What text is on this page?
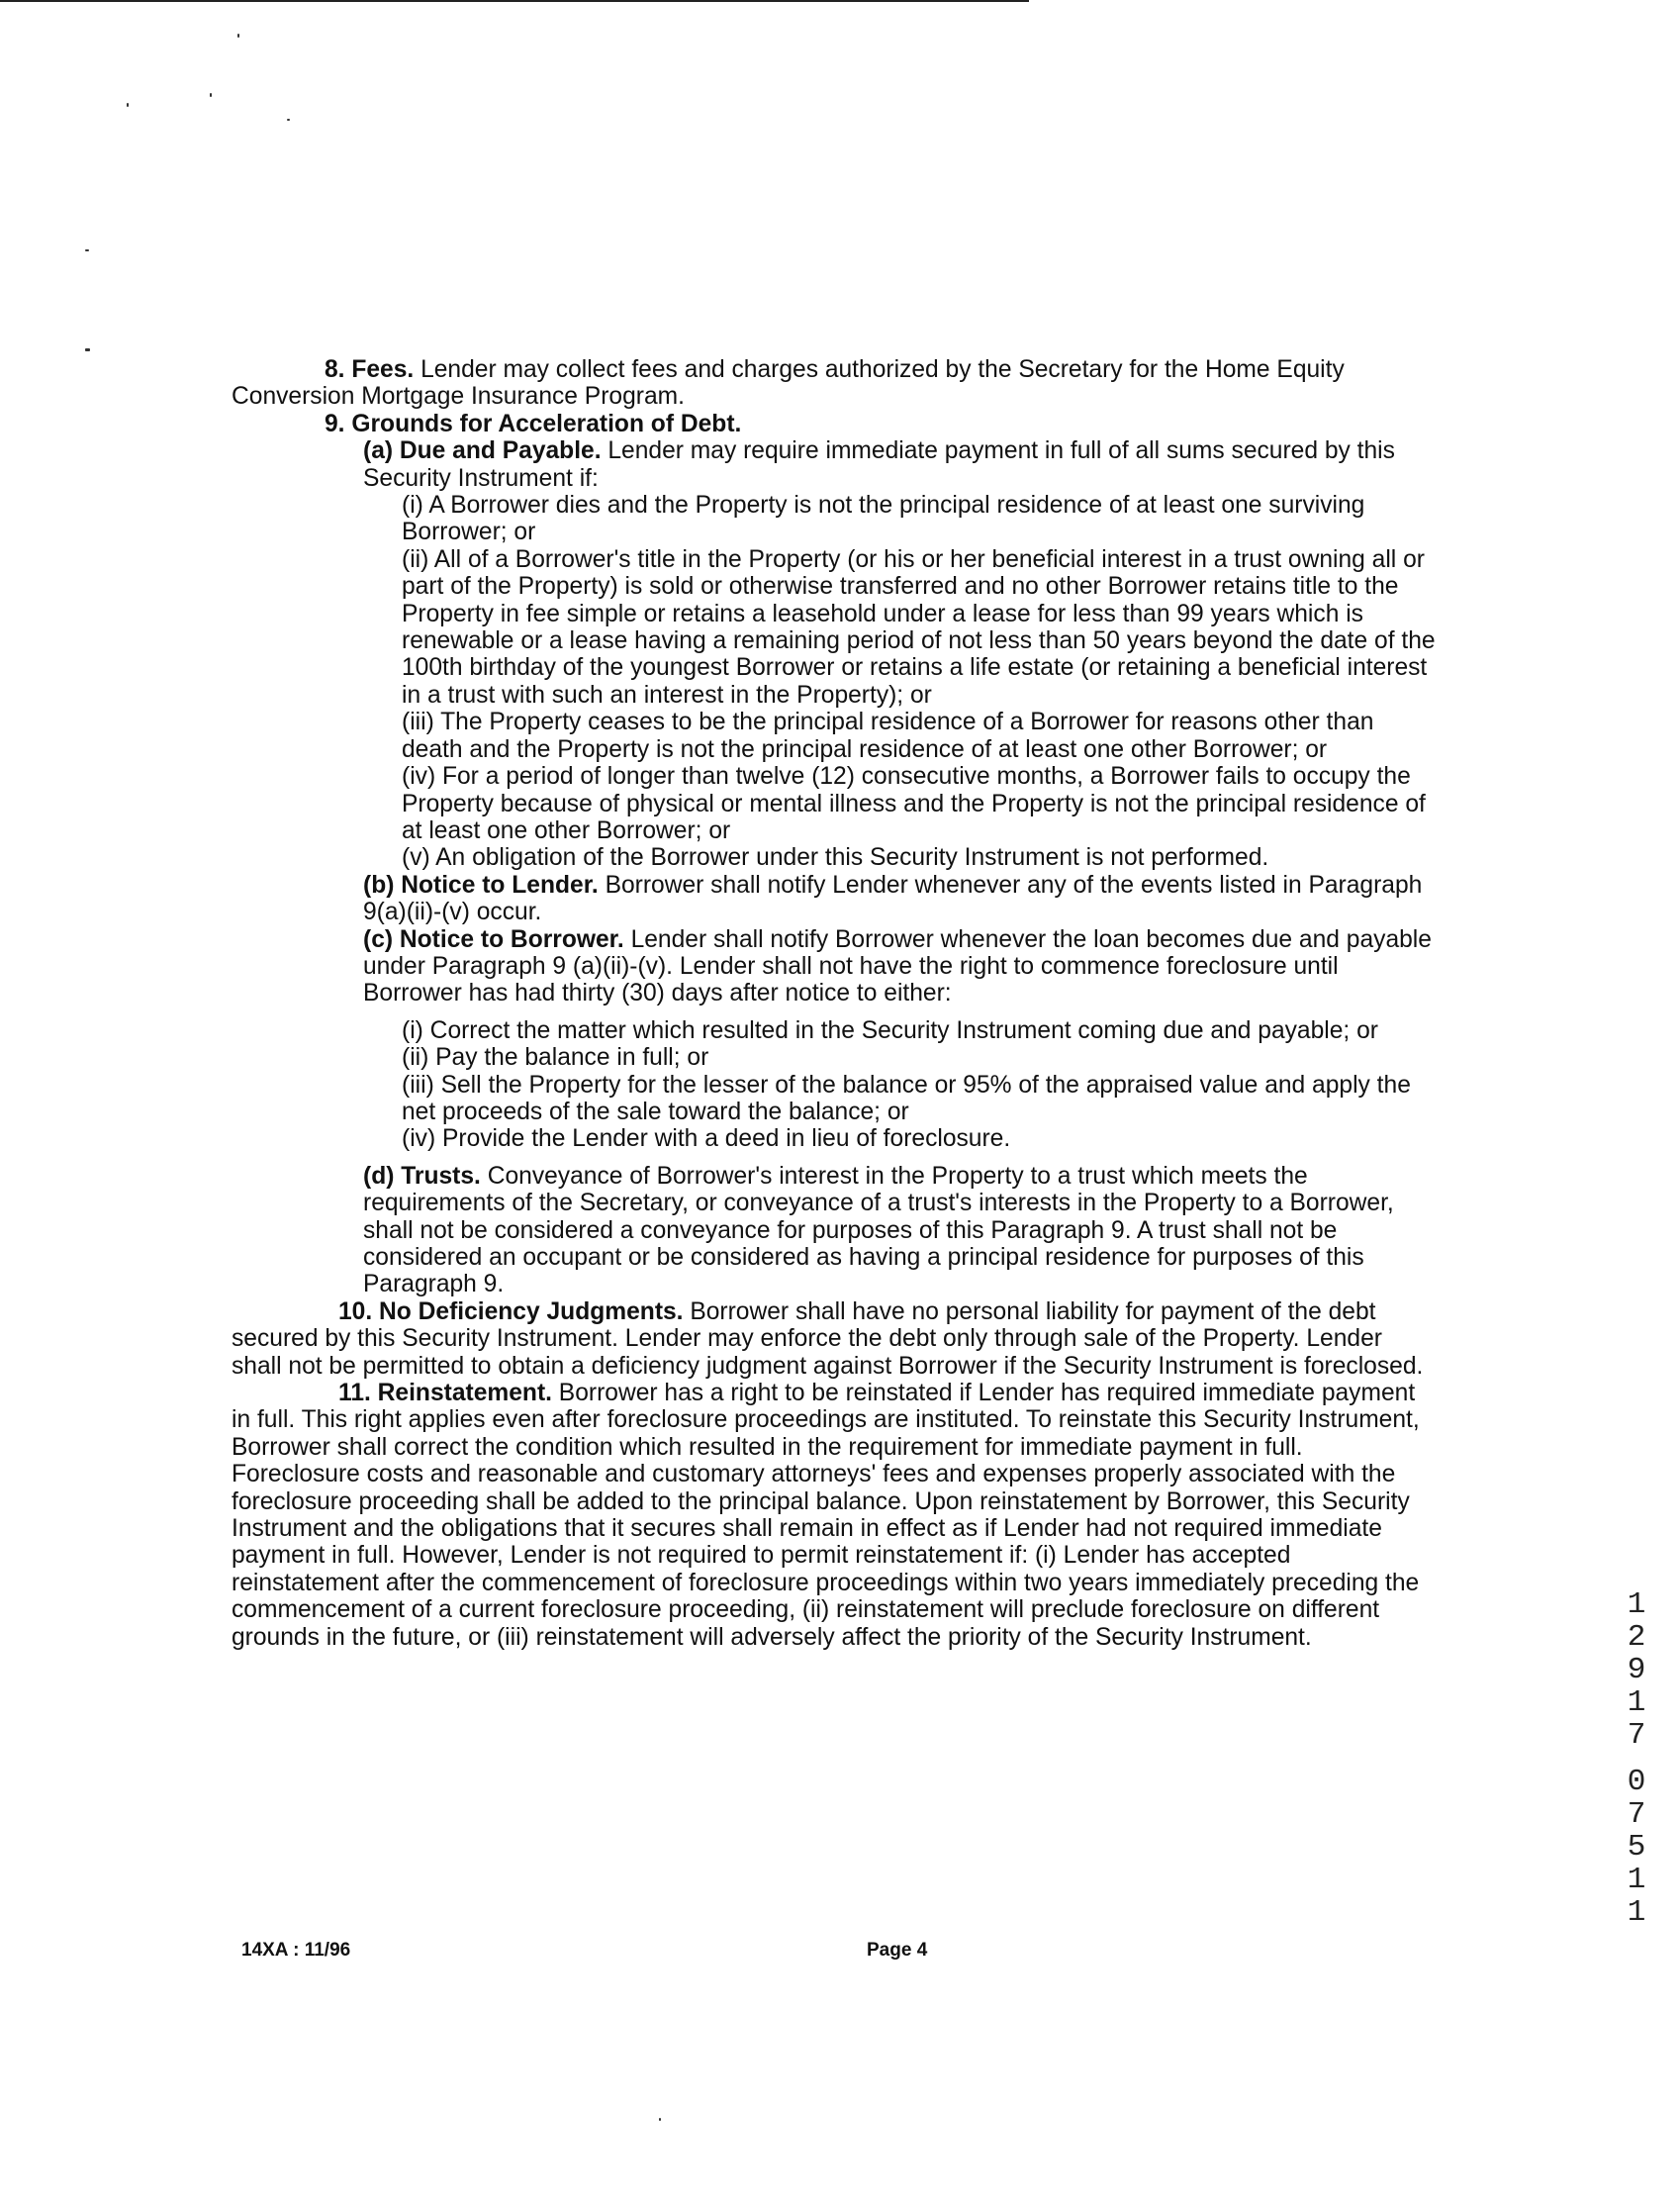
8. Fees. Lender may collect fees and charges authorized by the Secretary for the Home Equity Conversion Mortgage Insurance Program.

9. Grounds for Acceleration of Debt.

(a) Due and Payable. Lender may require immediate payment in full of all sums secured by this Security Instrument if:

(i) A Borrower dies and the Property is not the principal residence of at least one surviving Borrower; or

(ii) All of a Borrower's title in the Property (or his or her beneficial interest in a trust owning all or part of the Property) is sold or otherwise transferred and no other Borrower retains title to the Property in fee simple or retains a leasehold under a lease for less than 99 years which is renewable or a lease having a remaining period of not less than 50 years beyond the date of the 100th birthday of the youngest Borrower or retains a life estate (or retaining a beneficial interest in a trust with such an interest in the Property); or

(iii) The Property ceases to be the principal residence of a Borrower for reasons other than death and the Property is not the principal residence of at least one other Borrower; or

(iv) For a period of longer than twelve (12) consecutive months, a Borrower fails to occupy the Property because of physical or mental illness and the Property is not the principal residence of at least one other Borrower; or

(v) An obligation of the Borrower under this Security Instrument is not performed.

(b) Notice to Lender. Borrower shall notify Lender whenever any of the events listed in Paragraph 9(a)(ii)-(v) occur.

(c) Notice to Borrower. Lender shall notify Borrower whenever the loan becomes due and payable under Paragraph 9 (a)(ii)-(v). Lender shall not have the right to commence foreclosure until Borrower has had thirty (30) days after notice to either:

(i) Correct the matter which resulted in the Security Instrument coming due and payable; or

(ii) Pay the balance in full; or

(iii) Sell the Property for the lesser of the balance or 95% of the appraised value and apply the net proceeds of the sale toward the balance; or

(iv) Provide the Lender with a deed in lieu of foreclosure.

(d) Trusts. Conveyance of Borrower's interest in the Property to a trust which meets the requirements of the Secretary, or conveyance of a trust's interests in the Property to a Borrower, shall not be considered a conveyance for purposes of this Paragraph 9. A trust shall not be considered an occupant or be considered as having a principal residence for purposes of this Paragraph 9.

10. No Deficiency Judgments. Borrower shall have no personal liability for payment of the debt secured by this Security Instrument. Lender may enforce the debt only through sale of the Property. Lender shall not be permitted to obtain a deficiency judgment against Borrower if the Security Instrument is foreclosed.

11. Reinstatement. Borrower has a right to be reinstated if Lender has required immediate payment in full. This right applies even after foreclosure proceedings are instituted. To reinstate this Security Instrument, Borrower shall correct the condition which resulted in the requirement for immediate payment in full. Foreclosure costs and reasonable and customary attorneys' fees and expenses properly associated with the foreclosure proceeding shall be added to the principal balance. Upon reinstatement by Borrower, this Security Instrument and the obligations that it secures shall remain in effect as if Lender had not required immediate payment in full. However, Lender is not required to permit reinstatement if: (i) Lender has accepted reinstatement after the commencement of foreclosure proceedings within two years immediately preceding the commencement of a current foreclosure proceeding, (ii) reinstatement will preclude foreclosure on different grounds in the future, or (iii) reinstatement will adversely affect the priority of the Security Instrument.

14XA : 11/96	Page 4
1
2
9
1
7
0
7
5
1
1
